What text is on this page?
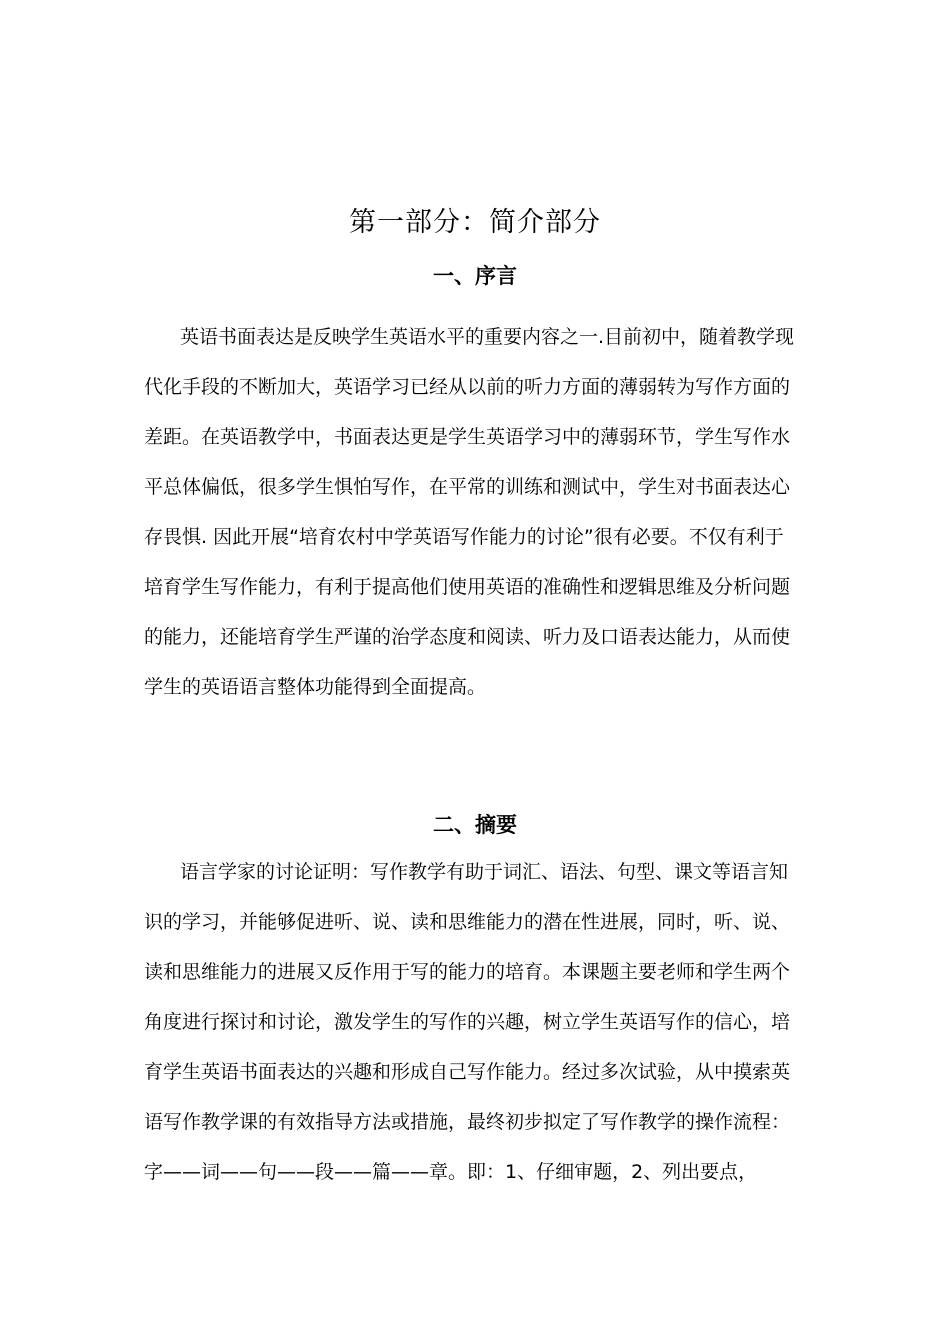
第一部分：简介部分
一、序言
英语书面表达是反映学生英语水平的重要内容之一.目前初中，随着教学现
代化手段的不断加大，英语学习已经从以前的听力方面的薄弱转为写作方面的
差距。在英语教学中，书面表达更是学生英语学习中的薄弱环节，学生写作水
平总体偏低，很多学生惧怕写作，在平常的训练和测试中，学生对书面表达心
存畏惧. 因此开展“培育农村中学英语写作能力的讨论”很有必要。不仅有利于
培育学生写作能力，有利于提高他们使用英语的准确性和逻辑思维及分析问题
的能力，还能培育学生严谨的治学态度和阅读、听力及口语表达能力，从而使
学生的英语语言整体功能得到全面提高。
二、摘要
语言学家的讨论证明：写作教学有助于词汇、语法、句型、课文等语言知
识的学习，并能够促进听、说、读和思维能力的潜在性进展，同时，听、说、
读和思维能力的进展又反作用于写的能力的培育。本课题主要老师和学生两个
角度进行探讨和讨论，激发学生的写作的兴趣，树立学生英语写作的信心，培
育学生英语书面表达的兴趣和形成自己写作能力。经过多次试验，从中摸索英
语写作教学课的有效指导方法或措施，最终初步拟定了写作教学的操作流程：
字——词——句——段——篇——章。即：1、仔细审题，2、列出要点，
